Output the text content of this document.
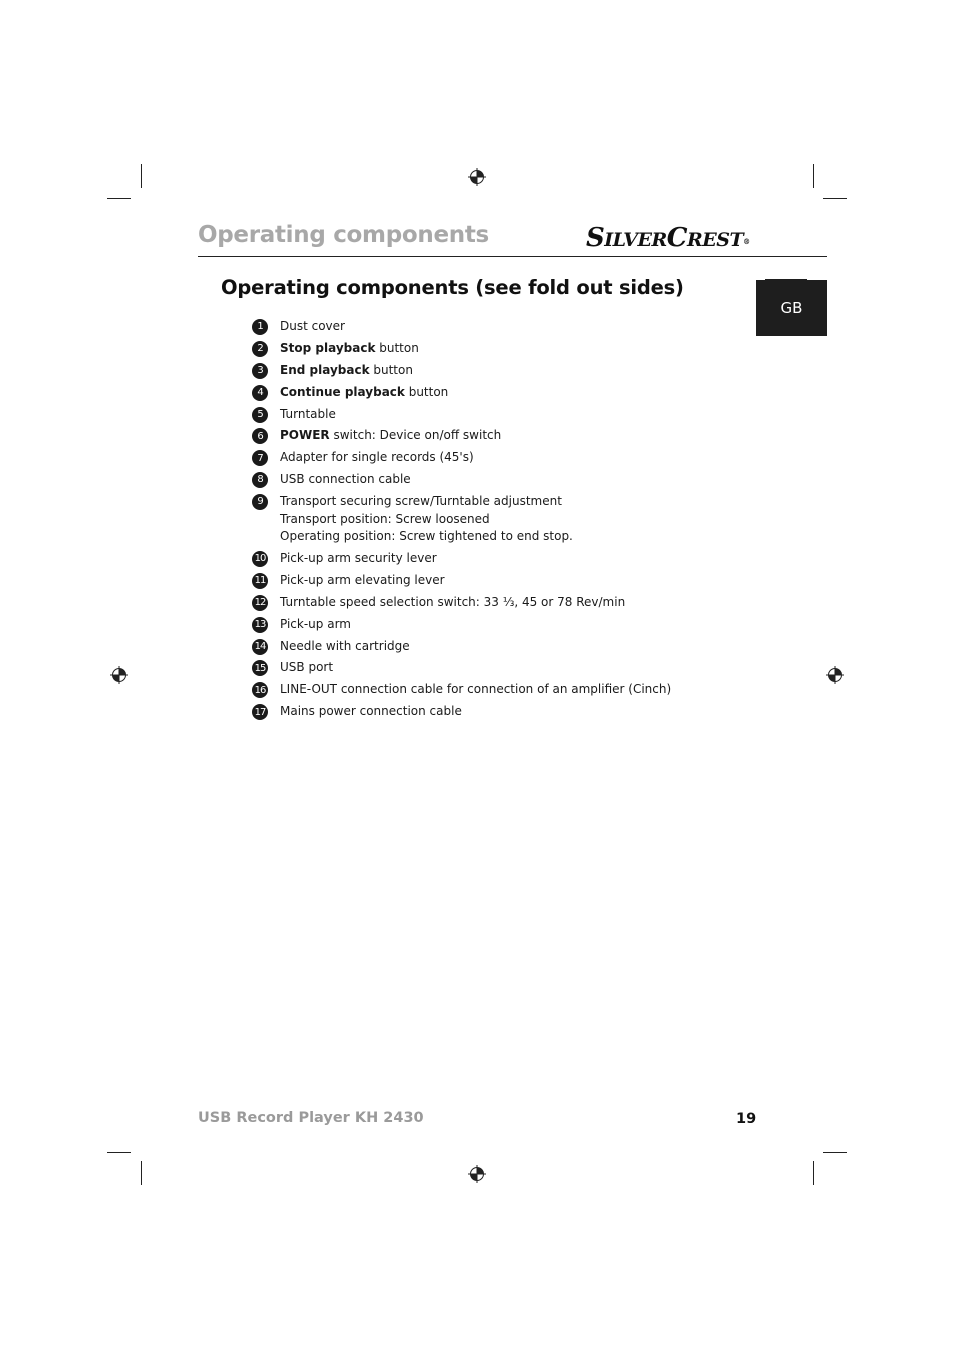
Operating components	SILVERCREST®
GB
Operating components (see fold out sides)
1	Dust cover
2	Stop playback button
3	End playback button
4	Continue playback button
5	Turntable
6	POWER switch: Device on/off switch
7	Adapter for single records (45's)
8	USB connection cable
9	Transport securing screw/Turntable adjustment
Transport position: Screw loosened
Operating position: Screw tightened to end stop.
10 Pick-up arm security lever
11 Pick-up arm elevating lever
12 Turntable speed selection switch: 33 ⅓, 45 or 78 Rev/min
13 Pick-up arm
14 Needle with cartridge
15 USB port
16 LINE-OUT connection cable for connection of an amplifier (Cinch)
17 Mains power connection cable
USB Record Player KH 2430	19
